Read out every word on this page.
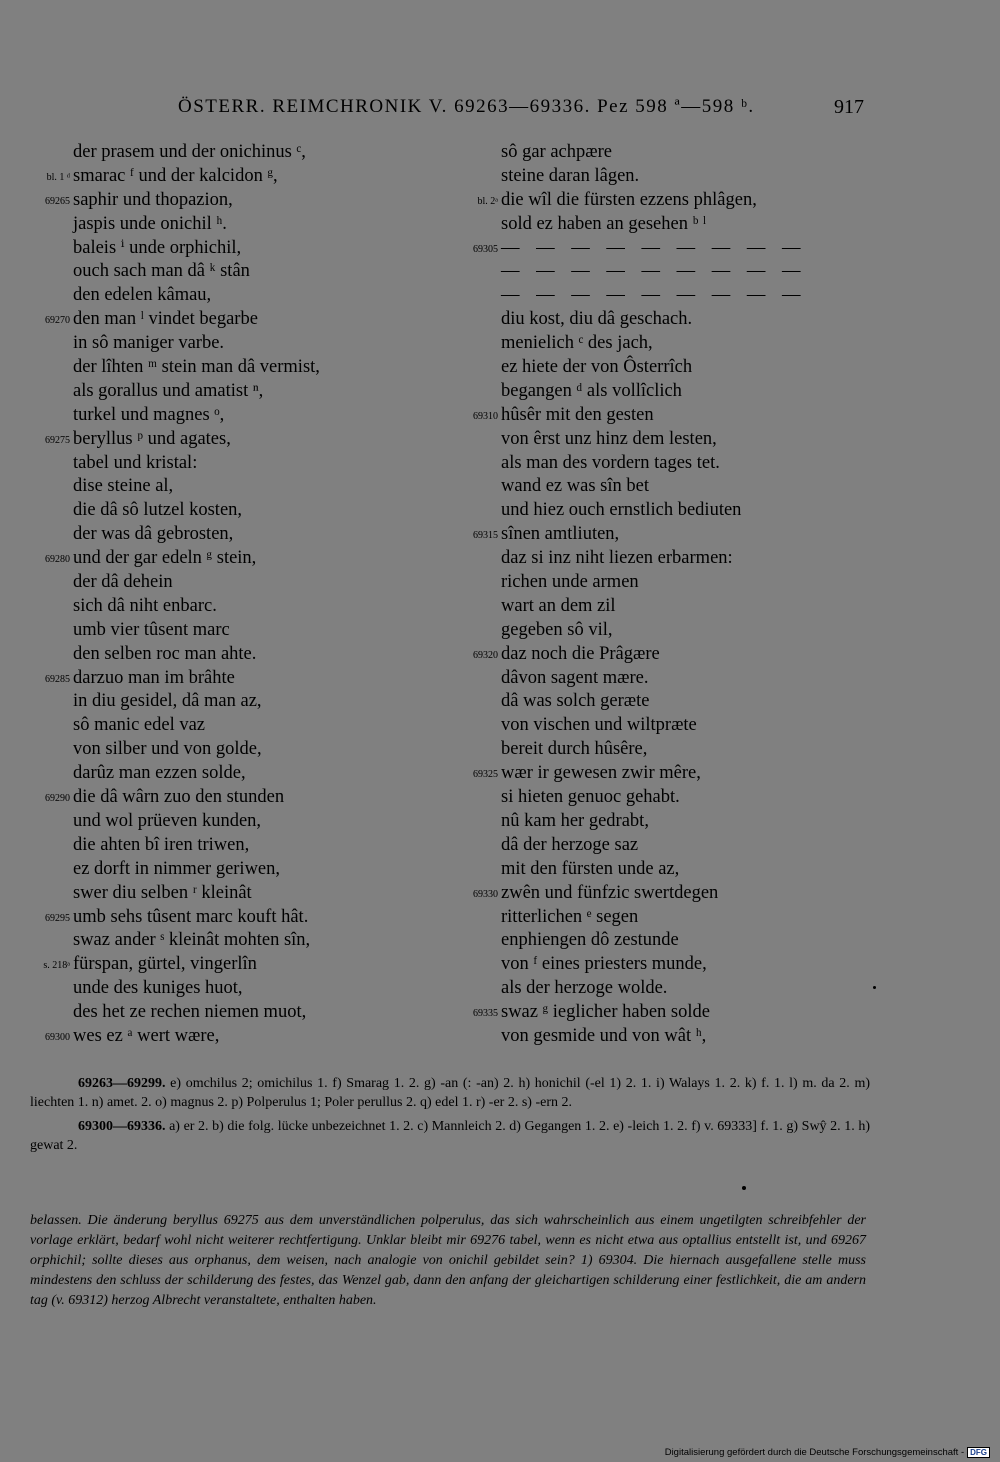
ÖSTERR. REIMCHRONIK V. 69263—69336. Pez 598 ª—598 ᵇ.	917
der prasem und der onichinus ᶜ,
bl. 1 ᵈ smarac ᶠ und der kalcidon ᵍ,
69265 saphir und thopazion,
jaspis unde onichil ʰ.
baleis ⁱ unde orphichil,
ouch sach man dâ ᵏ stân
den edelen kâmau,
69270 den man ˡ vindet begarbe
in sô maniger varbe.
der lîhten ᵐ stein man dâ vermist,
als gorallus und amatist ⁿ,
turkel und magnes ᵒ,
69275 beryllus ᵖ und agates,
tabel und kristal:
dise steine al,
die dâ sô lutzel kosten,
der was dâ gebrosten,
69280 und der gar edeln ᵍ stein,
der dâ dehein
sich dâ niht enbarc.
umb vier tûsent marc
den selben roc man ahte.
69285 darzuo man im brâhte
in diu gesidel, dâ man az,
sô manic edel vaz
von silber und von golde,
darûz man ezzen solde,
69290 die dâ wârn zuo den stunden
und wol prüeven kunden,
die ahten bî iren triwen,
ez dorft in nimmer geriwen,
swer diu selben ʳ kleinât
69295 umb sehs tûsent marc kouft hât.
swaz ander ˢ kleinât mohten sîn,
s. 218ᵃ fürspan, gürtel, vingerlîn
unde des kuniges huot,
des het ze rechen niemen muot,
69300 wes ez ᵃ wert wære,
sô gar achpære
steine daran lâgen.
bl. 2ᵃ die wîl die fürsten ezzens phlâgen,
sold ez haben an gesehen ᵇ ˡ
69305 — — — — — — — — —
— — — — — — — — —
— — — — — — — — —
diu kost, diu dâ geschach.
menielich ᶜ des jach,
ez hiete der von Ôsterrîch
begangen ᵈ als vollîclich
69310 hûsêr mit den gesten
von êrst unz hinz dem lesten,
als man des vordern tages tet.
wand ez was sîn bet
und hiez ouch ernstlich bediuten
69315 sînen amtliuten,
daz si inz niht liezen erbarmen:
richen unde armen
wart an dem zil
gegeben sô vil,
69320 daz noch die Prâgære
dâvon sagent mære.
dâ was solch geræte
von vischen und wiltpræte
bereit durch hûsêre,
69325 wær ir gewesen zwir mêre,
si hieten genuoc gehabt.
nû kam her gedrabt,
dâ der herzoge saz
mit den fürsten unde az,
69330 zwên und fünfzic swertdegen
ritterlichen ᵉ segen
enphiengen dô zestunde
von ᶠ eines priesters munde,
als der herzoge wolde.
69335 swaz ᵍ ieglicher haben solde
von gesmide und von wât ʰ,
69263—69299. e) omchilus 2; omichilus 1. f) Smarag 1. 2. g) -an (: -an) 2. h) honichil (-el 1) 2. 1. i) Walays 1. 2. k) f. 1. l) m. da 2. m) liechten 1. n) amet. 2. o) magnus 2. p) Polperulus 1; Poler perullus 2. q) edel 1. r) -er 2. s) -ern 2.
69300—69336. a) er 2. b) die folg. lücke unbezeichnet 1. 2. c) Mannleich 2. d) Gegangen 1. 2. e) -leich 1. 2. f) v. 69333] f. 1. g) Swŷ 2. 1. h) gewat 2.
belassen. Die änderung beryllus 69275 aus dem unverständlichen polperulus, das sich wahrscheinlich aus einem ungetilgten schreibfehler der vorlage erklärt, bedarf wohl nicht weiterer rechtfertigung. Unklar bleibt mir 69276 tabel, wenn es nicht etwa aus optallius entstellt ist, und 69267 orphichil; sollte dieses aus orphanus, dem weisen, nach analogie von onichil gebildet sein? 1) 69304. Die hiernach ausgefallene stelle muss mindestens den schluss der schilderung des festes, das Wenzel gab, dann den anfang der gleichartigen schilderung einer festlichkeit, die am andern tag (v. 69312) herzog Albrecht veranstaltete, enthalten haben.
Digitalisierung gefördert durch die Deutsche Forschungsgemeinschaft - DFG
